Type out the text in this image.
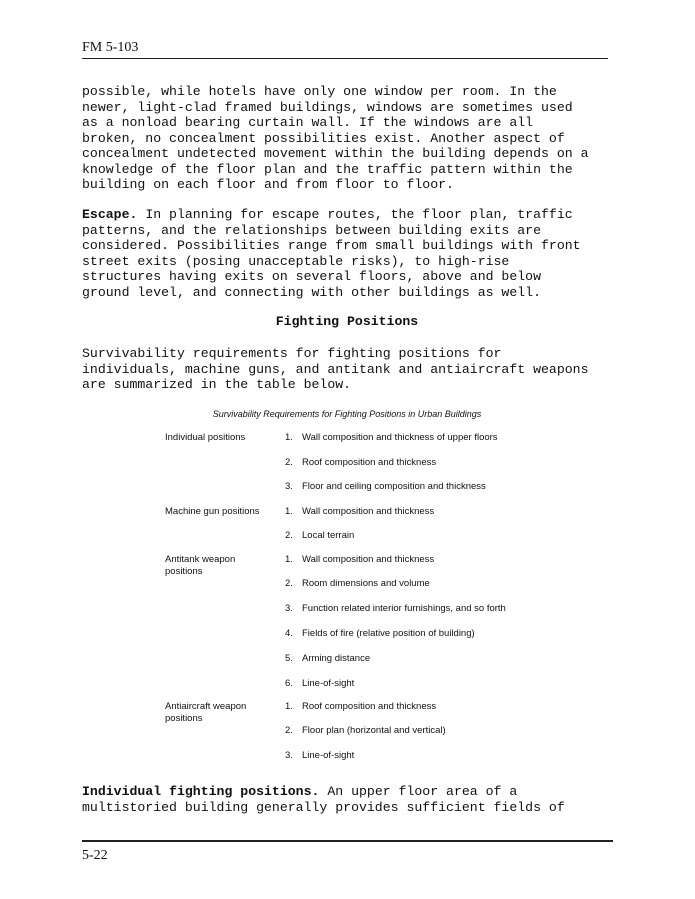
FM 5-103

possible, while hotels have only one window per room. In the
newer, light-clad framed buildings, windows are sometimes used
as a nonload bearing curtain wall. If the windows are all
broken, no concealment possibilities exist. Another aspect of
concealment undetected movement within the building depends on a
knowledge of the floor plan and the traffic pattern within the
building on each floor and from floor to floor.

Escape. In planning for escape routes, the floor plan, traffic
patterns, and the relationships between building exits are
considered. Possibilities range from small buildings with front
street exits (posing unacceptable risks), to high-rise
structures having exits on several floors, above and below
ground level, and connecting with other buildings as well.

Fighting Positions

Survivability requirements for fighting positions for
individuals, machine guns, and antitank and antiaircraft weapons
are summarized in the table below.

Survivability Requirements for Fighting Positions in Urban Buildings
Individual positions	1. Wall composition and thickness of upper floors
2. Roof composition and thickness
3. Floor and ceiling composition and thickness
Machine gun positions	1. Wall composition and thickness
2. Local terrain
Antitank weapon positions
1. Wall composition and thickness
2. Room dimensions and volume
3. Function related interior furnishings, and so forth
4. Fields of fire (relative position of building)
5. Arming distance
6. Line-of-sight
Antiaircraft weapon positions
1. Roof composition and thickness
2. Floor plan (horizontal and vertical)
3. Line-of-sight

Individual fighting positions. An upper floor area of a
multistoried building generally provides sufficient fields of

5-22
